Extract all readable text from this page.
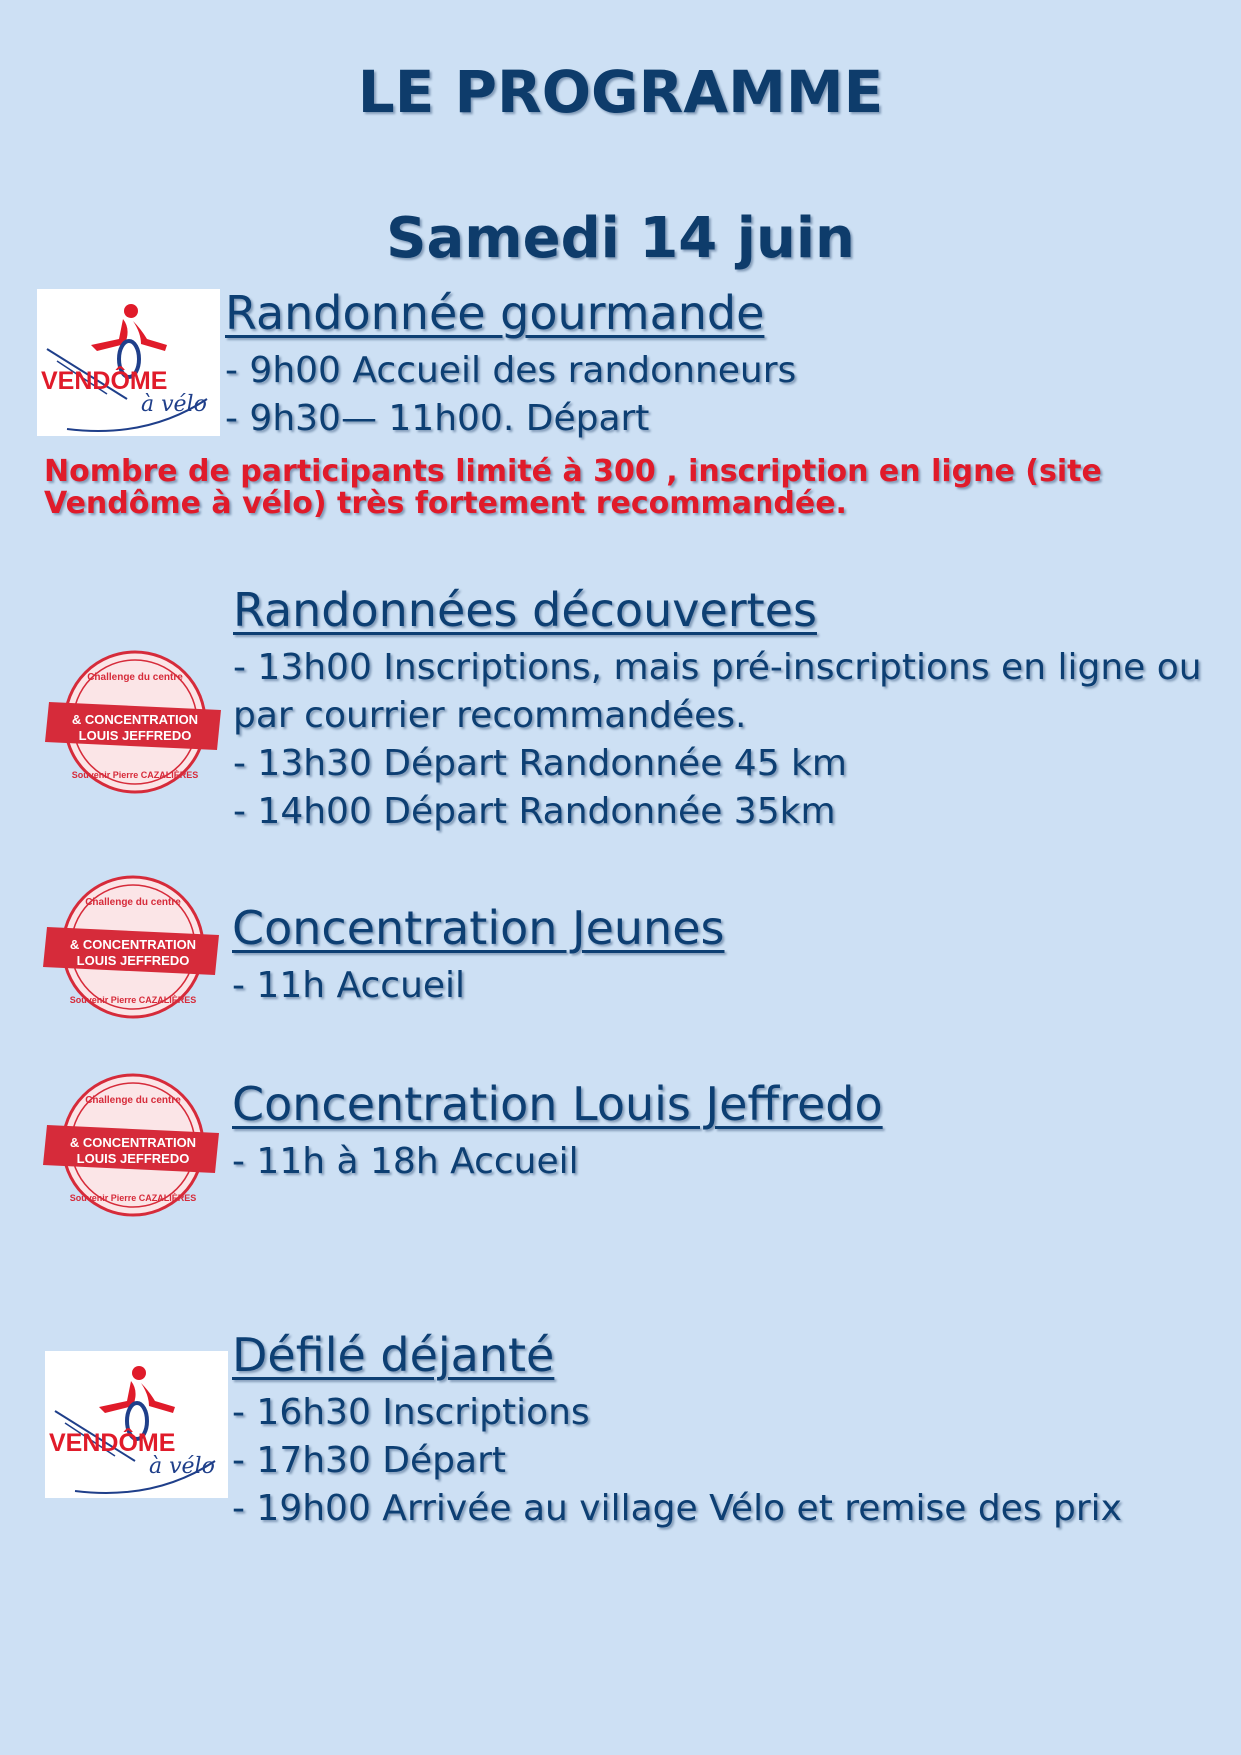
LE PROGRAMME
Samedi 14 juin
VENDÔME
à vélo
Randonnée gourmande
- 9h00 Accueil des randonneurs
- 9h30— 11h00. Départ
Nombre de participants limité à 300 , inscription en ligne (site Vendôme à vélo) très fortement recommandée.
Challenge du centre
& CONCENTRATION
LOUIS JEFFREDO
Souvenir Pierre CAZALIÈRES
Randonnées découvertes
- 13h00 Inscriptions, mais pré-inscriptions en ligne ou
par courrier recommandées.
- 13h30 Départ Randonnée 45 km
- 14h00 Départ Randonnée 35km
Challenge du centre
& CONCENTRATION
LOUIS JEFFREDO
Souvenir Pierre CAZALIÈRES
Concentration Jeunes
- 11h Accueil
Challenge du centre
& CONCENTRATION
LOUIS JEFFREDO
Souvenir Pierre CAZALIÈRES
Concentration Louis Jeffredo
- 11h à 18h Accueil
VENDÔME
à vélo
Défilé déjanté
- 16h30 Inscriptions
- 17h30 Départ
- 19h00 Arrivée au village Vélo et remise des prix
